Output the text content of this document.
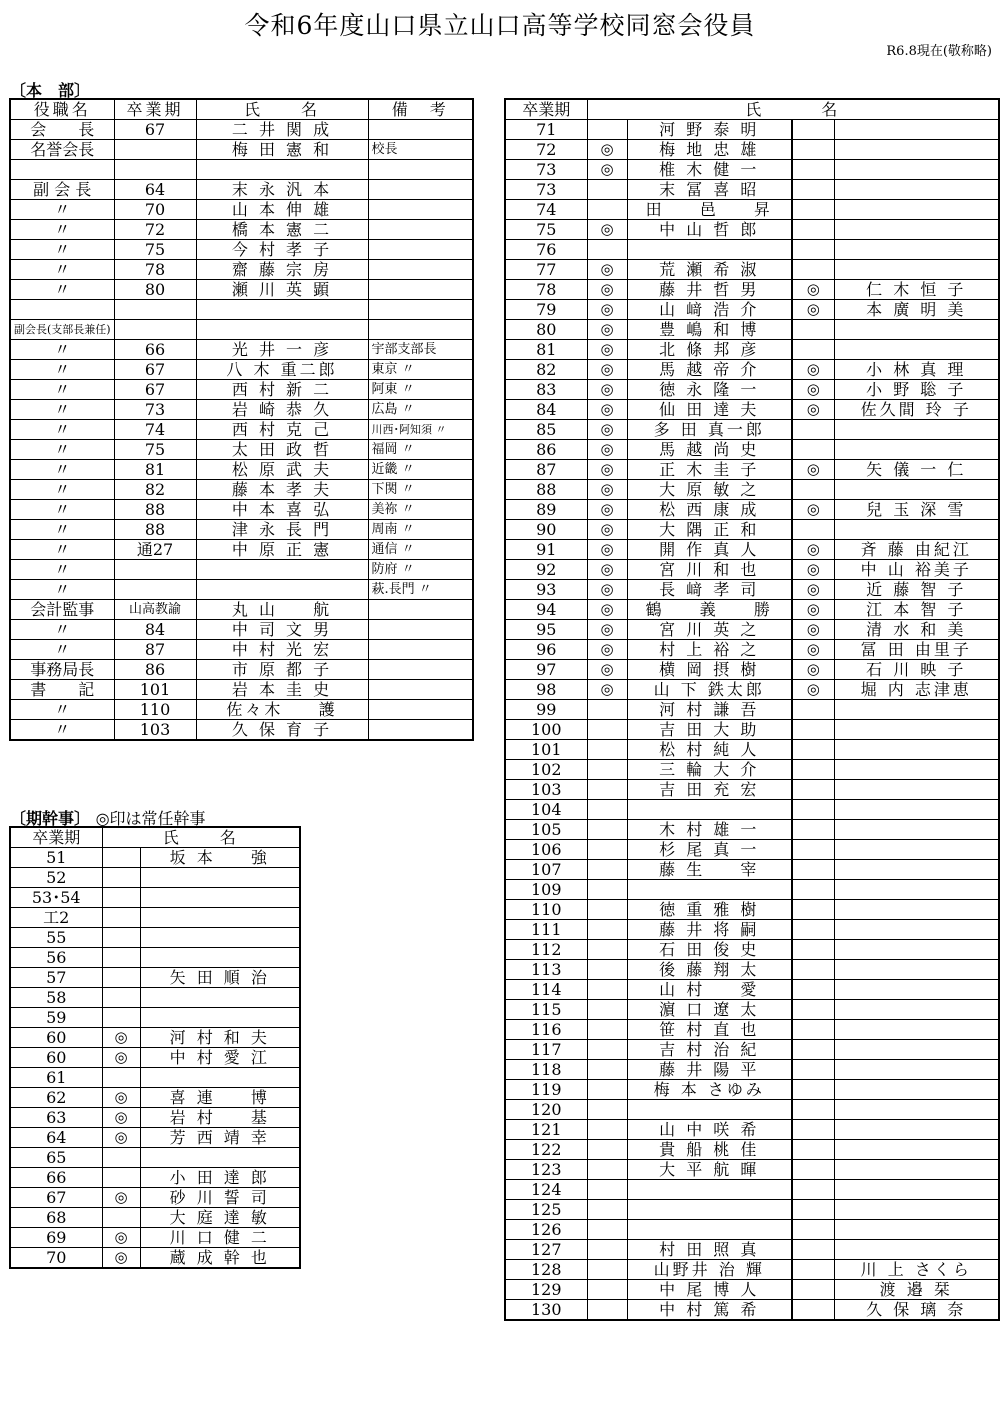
令和6年度山口県立山口高等学校同窓会役員
R6.8現在(敬称略)
〔本　部〕
役職名	卒業期	氏　　名	備　考
会　　長	67	二 井 関 成	
名誉会長		梅 田 憲 和	校長

副 会 長	64	末 永 汎 本	
〃	70	山 本 伸 雄	
〃	72	橋 本 憲 二	
〃	75	今 村 孝 子	
〃	78	齋 藤 宗 房	
〃	80	瀬 川 英 顕	

副会長(支部長兼任)			
〃	66	光 井 一 彦	宇部支部長
〃	67	八 木 重二郎	東京 〃
〃	67	西 村 新 二	阿東 〃
〃	73	岩 崎 恭 久	広島 〃
〃	74	西 村 克 己	川西･阿知須 〃
〃	75	太 田 政 哲	福岡 〃
〃	81	松 原 武 夫	近畿 〃
〃	82	藤 本 孝 夫	下関 〃
〃	88	中 本 喜 弘	美祢 〃
〃	88	津 永 長 門	周南 〃
〃	通27	中 原 正 憲	通信 〃
〃			防府 〃
〃			萩.長門 〃
会計監事	山高教諭	丸 山 　 航	
〃	84	中 司 文 男	
〃	87	中 村 光 宏	
事務局長	86	市 原 都 子	
書　　記	101	岩 本 圭 史	
〃	110	佐々木 　 護	
〃	103	久 保 育 子	
〔期幹事〕 ◎印は常任幹事
卒業期	氏　　名	
51		坂 本 　 強
52		
53･54		
工2		
55		
56		
57		矢 田 順 治
58		
59		
60	◎	河 村 和 夫
60	◎	中 村 愛 江
61		
62	◎	喜 連 　 博
63	◎	岩 村 　 基
64	◎	芳 西 靖 幸
65		
66		小 田 達 郎
67	◎	砂 川 誓 司
68		大 庭 達 敏
69	◎	川 口 健 二
70	◎	蔵 成 幹 也
卒業期	氏　　　名			
71		河 野 泰 明		
72	◎	梅 地 忠 雄		
73	◎	椎 木 健 一		
73		末 冨 喜 昭		
74		田 　 邑 　 昇		
75	◎	中 山 哲 郎		
76				
77	◎	荒 瀬 希 淑		
78	◎	藤 井 哲 男	◎	仁 木 恒 子
79	◎	山 﨑 浩 介	◎	本 廣 明 美
80	◎	豊 嶋 和 博		
81	◎	北 條 邦 彦		
82	◎	馬 越 帝 介	◎	小 林 真 理
83	◎	徳 永 隆 一	◎	小 野 聡 子
84	◎	仙 田 達 夫	◎	佐久間 玲 子
85	◎	多 田 真一郎		
86	◎	馬 越 尚 史		
87	◎	正 木 圭 子	◎	矢 儀 一 仁
88	◎	大 原 敏 之		
89	◎	松 西 康 成	◎	兒 玉 深 雪
90	◎	大 隅 正 和		
91	◎	開 作 真 人	◎	斉 藤 由紀江
92	◎	宮 川 和 也	◎	中 山 裕美子
93	◎	長 﨑 孝 司	◎	近 藤 智 子
94	◎	鶴 　 義 　 勝	◎	江 本 智 子
95	◎	宮 川 英 之	◎	清 水 和 美
96	◎	村 上 裕 之	◎	冨 田 由里子
97	◎	横 岡 摂 樹	◎	石 川 映 子
98	◎	山 下 鉄太郎	◎	堀 内 志津恵
99		河 村 謙 吾		
100		吉 田 大 助		
101		松 村 純 人		
102		三 輪 大 介		
103		吉 田 充 宏		
104				
105		木 村 雄 一		
106		杉 尾 真 一		
107		藤 生 　 宰		
109				
110		徳 重 雅 樹		
111		藤 井 将 嗣		
112		石 田 俊 史		
113		後 藤 翔 太		
114		山 村 　 愛		
115		濵 口 遼 太		
116		笹 村 直 也		
117		吉 村 治 紀		
118		藤 井 陽 平		
119		梅 本 さゆみ		
120				
121		山 中 咲 希		
122		貴 船 桃 佳		
123		大 平 航 暉		
124				
125				
126				
127		村 田 照 真		
128		山野井 治 輝		川 上 さくら
129		中 尾 博 人		渡 邉 栞
130		中 村 篤 希		久 保 璃 奈
